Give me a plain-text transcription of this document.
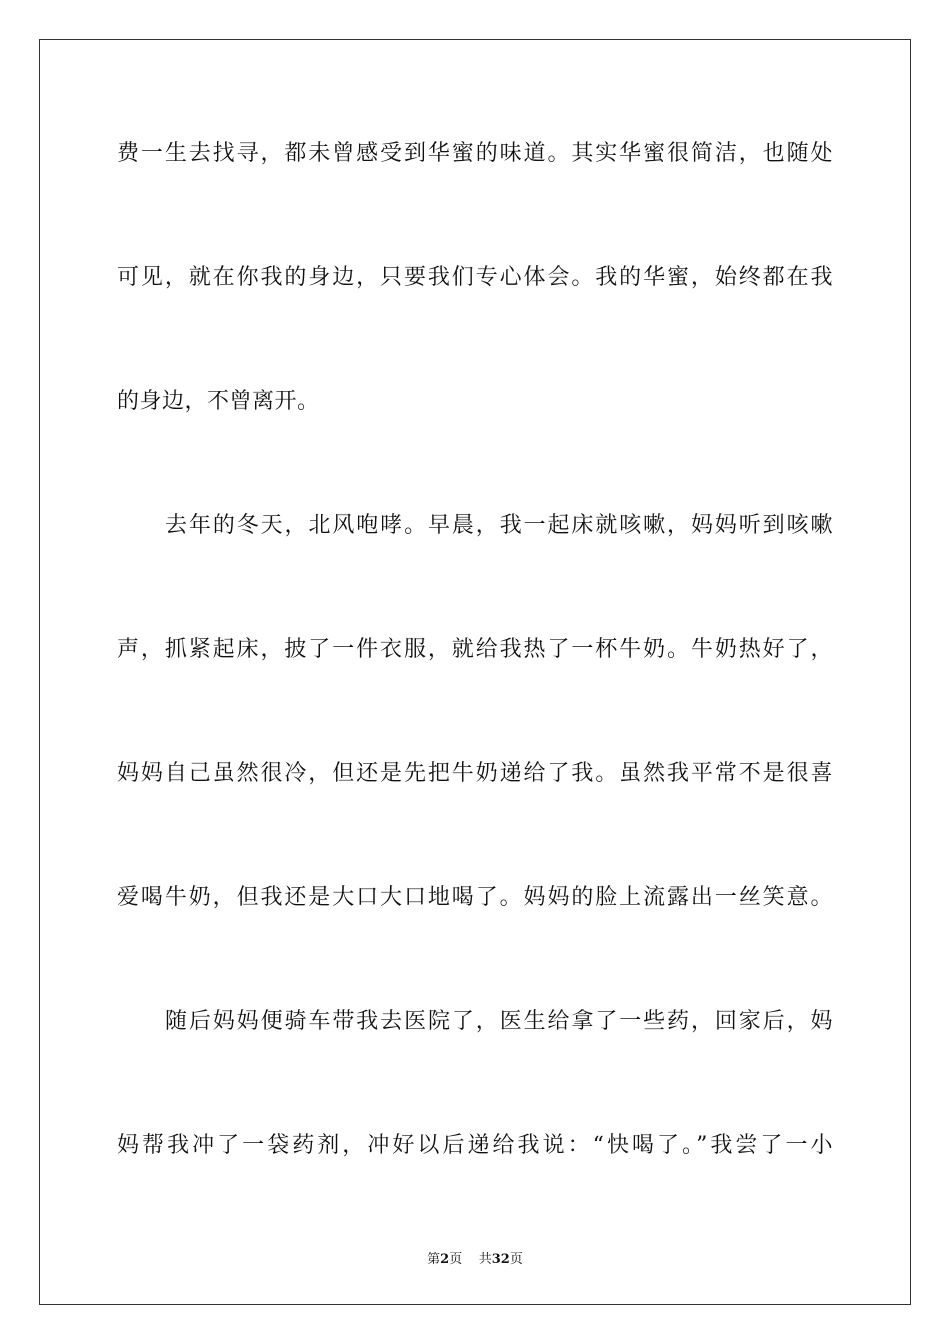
费一生去找寻，都未曾感受到华蜜的味道。其实华蜜很简洁，也随处
可见，就在你我的身边，只要我们专心体会。我的华蜜，始终都在我
的身边，不曾离开。
去年的冬天，北风咆哮。早晨，我一起床就咳嗽，妈妈听到咳嗽
声，抓紧起床，披了一件衣服，就给我热了一杯牛奶。牛奶热好了，
妈妈自己虽然很冷，但还是先把牛奶递给了我。虽然我平常不是很喜
爱喝牛奶，但我还是大口大口地喝了。妈妈的脸上流露出一丝笑意。
随后妈妈便骑车带我去医院了，医生给拿了一些药，回家后，妈
妈帮我冲了一袋药剂，冲好以后递给我说：“快喝了。”我尝了一小
第2页 共32页
